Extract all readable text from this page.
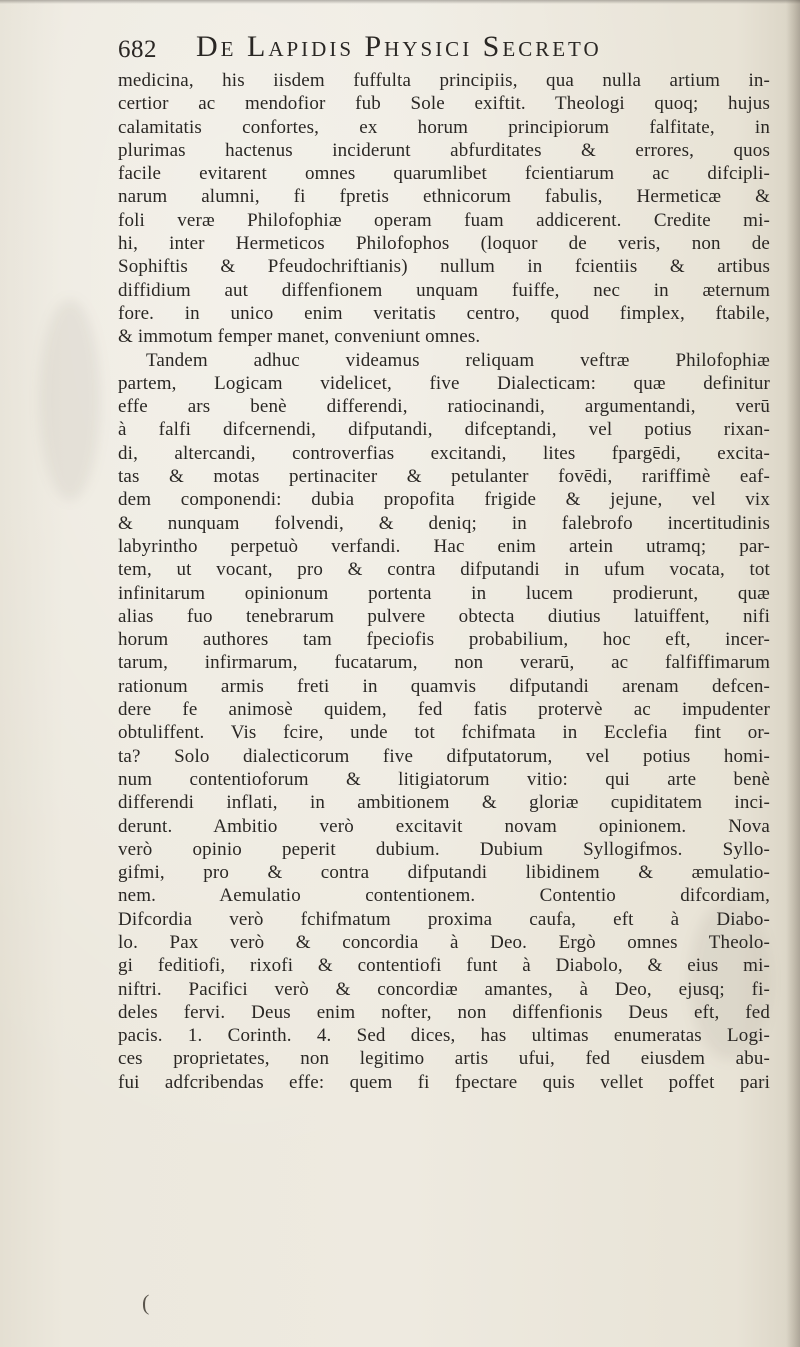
682 De Lapidis Physici Secreto
medicina, his iisdem fuffulta principiis, qua nulla artium in-
certior ac mendofior fub Sole exiftit. Theologi quoq; hujus
calamitatis confortes, ex horum principiorum falfitate, in
plurimas hactenus inciderunt abfurditates & errores, quos
facile evitarent omnes quarumlibet fcientiarum ac difcipli-
narum alumni, fi fpretis ethnicorum fabulis, Hermeticæ &
foli veræ Philofophiæ operam fuam addicerent. Credite mi-
hi, inter Hermeticos Philofophos (loquor de veris, non de
Sophiftis & Pfeudochriftianis) nullum in fcientiis & artibus
diffidium aut diffenfionem unquam fuiffe, nec in æternum
fore. in unico enim veritatis centro, quod fimplex, ftabile,
& immotum femper manet, conveniunt omnes.
Tandem adhuc videamus reliquam veftræ Philofophiæ
partem, Logicam videlicet, five Dialecticam: quæ definitur
effe ars benè differendi, ratiocinandi, argumentandi, verū
à falfi difcernendi, difputandi, difceptandi, vel potius rixan-
di, altercandi, controverfias excitandi, lites fpargēdi, excita-
tas & motas pertinaciter & petulanter fovēdi, rariffimè eaf-
dem componendi: dubia propofita frigide & jejune, vel vix
& nunquam folvendi, & deniq; in falebrofo incertitudinis
labyrintho perpetuò verfandi. Hac enim artein utramq; par-
tem, ut vocant, pro & contra difputandi in ufum vocata, tot
infinitarum opinionum portenta in lucem prodierunt, quæ
alias fuo tenebrarum pulvere obtecta diutius latuiffent, nifi
horum authores tam fpeciofis probabilium, hoc eft, incer-
tarum, infirmarum, fucatarum, non verarū, ac falfiffimarum
rationum armis freti in quamvis difputandi arenam defcen-
dere fe animosè quidem, fed fatis protervè ac impudenter
obtuliffent. Vis fcire, unde tot fchifmata in Ecclefia fint or-
ta? Solo dialecticorum five difputatorum, vel potius homi-
num contentioforum & litigiatorum vitio: qui arte benè
differendi inflati, in ambitionem & gloriæ cupiditatem inci-
derunt. Ambitio verò excitavit novam opinionem. Nova
verò opinio peperit dubium. Dubium Syllogifmos. Syllo-
gifmi, pro & contra difputandi libidinem & æmulatio-
nem. Aemulatio contentionem. Contentio difcordiam,
Difcordia verò fchifmatum proxima caufa, eft à Diabo-
lo. Pax verò & concordia à Deo. Ergò omnes Theolo-
gi feditiofi, rixofi & contentiofi funt à Diabolo, & eius mi-
niftri. Pacifici verò & concordiæ amantes, à Deo, ejusq; fi-
deles fervi. Deus enim nofter, non diffenfionis Deus eft, fed
pacis. 1. Corinth. 4. Sed dices, has ultimas enumeratas Logi-
ces proprietates, non legitimo artis ufui, fed eiusdem abu-
fui adfcribendas effe: quem fi fpectare quis vellet poffet pari
(
